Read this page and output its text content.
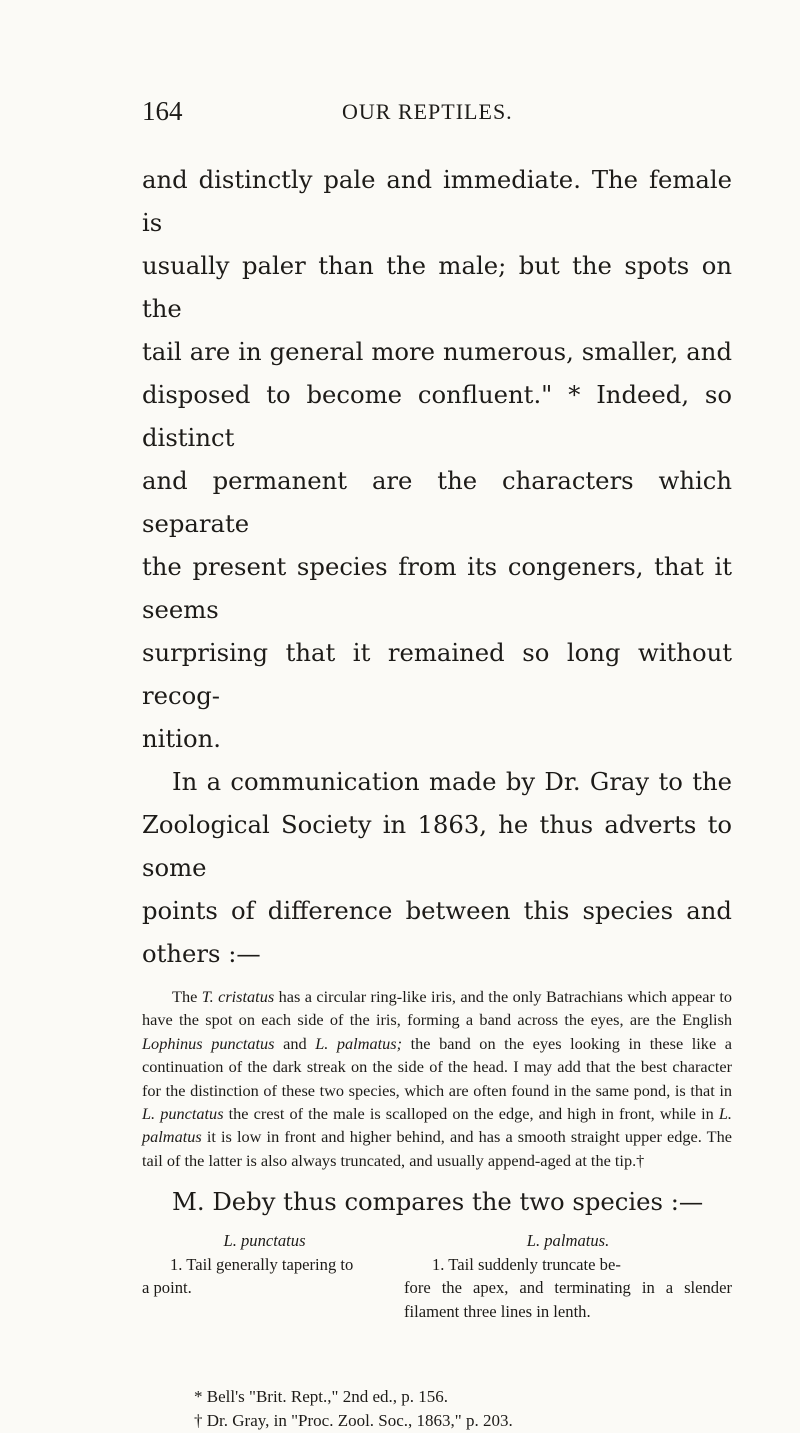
164	OUR REPTILES.

and distinctly pale and immediate. The female is

usually paler than the male; but the spots on the

tail are in general more numerous, smaller, and

disposed to become confluent." * Indeed, so distinct

and permanent are the characters which separate

the present species from its congeners, that it seems

surprising that it remained so long without recog-

nition.

In a communication made by Dr. Gray to the

Zoological Society in 1863, he thus adverts to some

points of difference between this species and

others :—

The T. cristatus has a circular ring-like iris, and the only Batrachians which appear to have the spot on each side of the iris, forming a band across the eyes, are the English Lophinus punctatus and L. palmatus; the band on the eyes looking in these like a continuation of the dark streak on the side of the head. I may add that the best character for the distinction of these two species, which are often found in the same pond, is that in L. punctatus the crest of the male is scalloped on the edge, and high in front, while in L. palmatus it is low in front and higher behind, and has a smooth straight upper edge. The tail of the latter is also always truncated, and usually append-aged at the tip.†

M. Deby thus compares the two species :—

L. punctatus

1. Tail generally tapering to
a point.

L. palmatus.

1. Tail suddenly truncate be-
fore the apex, and terminating in a slender filament three lines in lenth.

* Bell's "Brit. Rept.," 2nd ed., p. 156.
† Dr. Gray, in "Proc. Zool. Soc., 1863," p. 203.
